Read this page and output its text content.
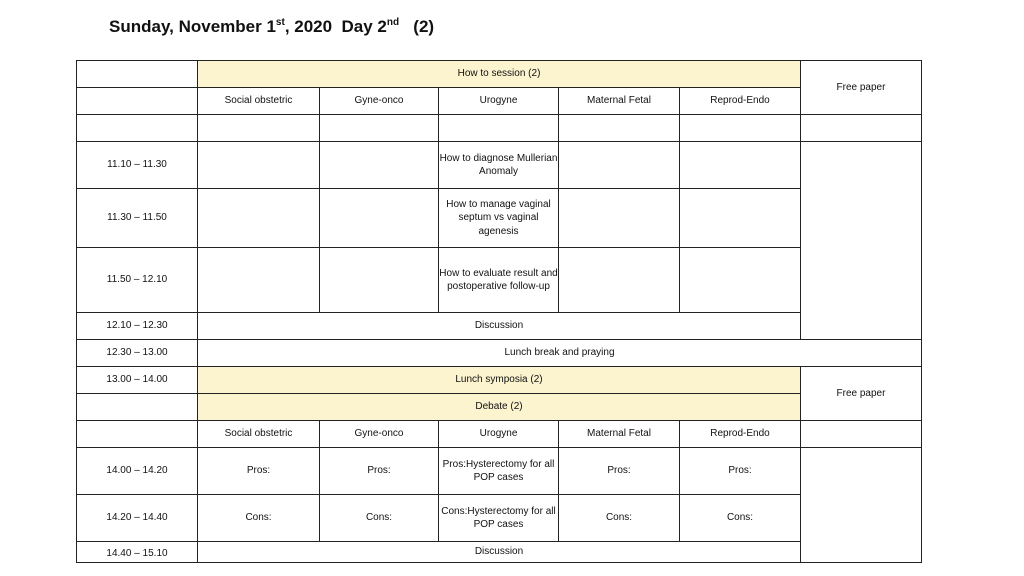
Sunday, November 1st, 2020  Day 2nd   (2)
	How to session (2)					Free paper
	Social obstetric	Gyne-onco	Urogyne	Maternal Fetal	Reprod-Endo	

11.10 – 11.30			How to diagnose Mullerian Anomaly			
11.30 – 11.50			How to manage vaginal septum vs vaginal agenesis			
11.50 – 12.10			How to evaluate result and postoperative follow-up			
12.10 – 12.30	Discussion					
12.30 – 13.00	Lunch break and praying					
13.00 – 14.00	Lunch symposia (2)					Free paper
	Debate (2)					
	Social obstetric	Gyne-onco	Urogyne	Maternal Fetal	Reprod-Endo	
14.00 – 14.20	Pros:	Pros:	Pros:Hysterectomy for all POP cases	Pros:	Pros:	
14.20 – 14.40	Cons:	Cons:	Cons:Hysterectomy for all POP cases	Cons:	Cons:	
14.40 – 15.10	Discussion					
